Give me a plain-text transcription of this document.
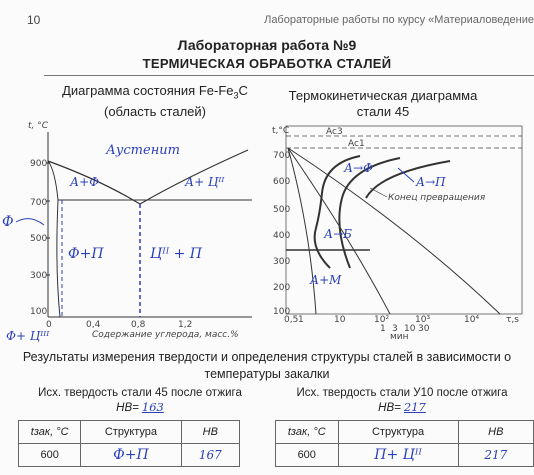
10	Лабораторные работы по курсу «Материаловедение
Лабораторная работа №9
ТЕРМИЧЕСКАЯ ОБРАБОТКА СТАЛЕЙ
Диаграмма состояния $Fe-Fe_3C$
(область сталей)
Термокинетическая диаграмма
стали 45
t, °C
900
700
500
300
100
0	0,4	0,8	1,2
Содержание углерода, масс.%
Аустенит
А+Ф	А+ Цᴵᴵ
Ф+П	Цᴵᴵ + П
Ф+ Цᴵᴵᴵ
Ф
t,°C
700
600
500
400
300
200
100
Ac3
Ac1
Конец превращения
0,5 1	10	10²	10³	10⁴	τ,s
1 3 10 30
мин
А→Ф
А→П
А→Б
А+М
Результаты измерения твердости и определения структуры сталей в зависимости о
температуры закалки
Исх. твердость стали 45 после отжига
HB= 163
Исх. твердость стали У10 после отжига
HB= 217
tзак, °C	Структура	HB
600	Ф+П	167
tзак, °C	Структура	HB
600	П+ Цᴵᴵ	217
